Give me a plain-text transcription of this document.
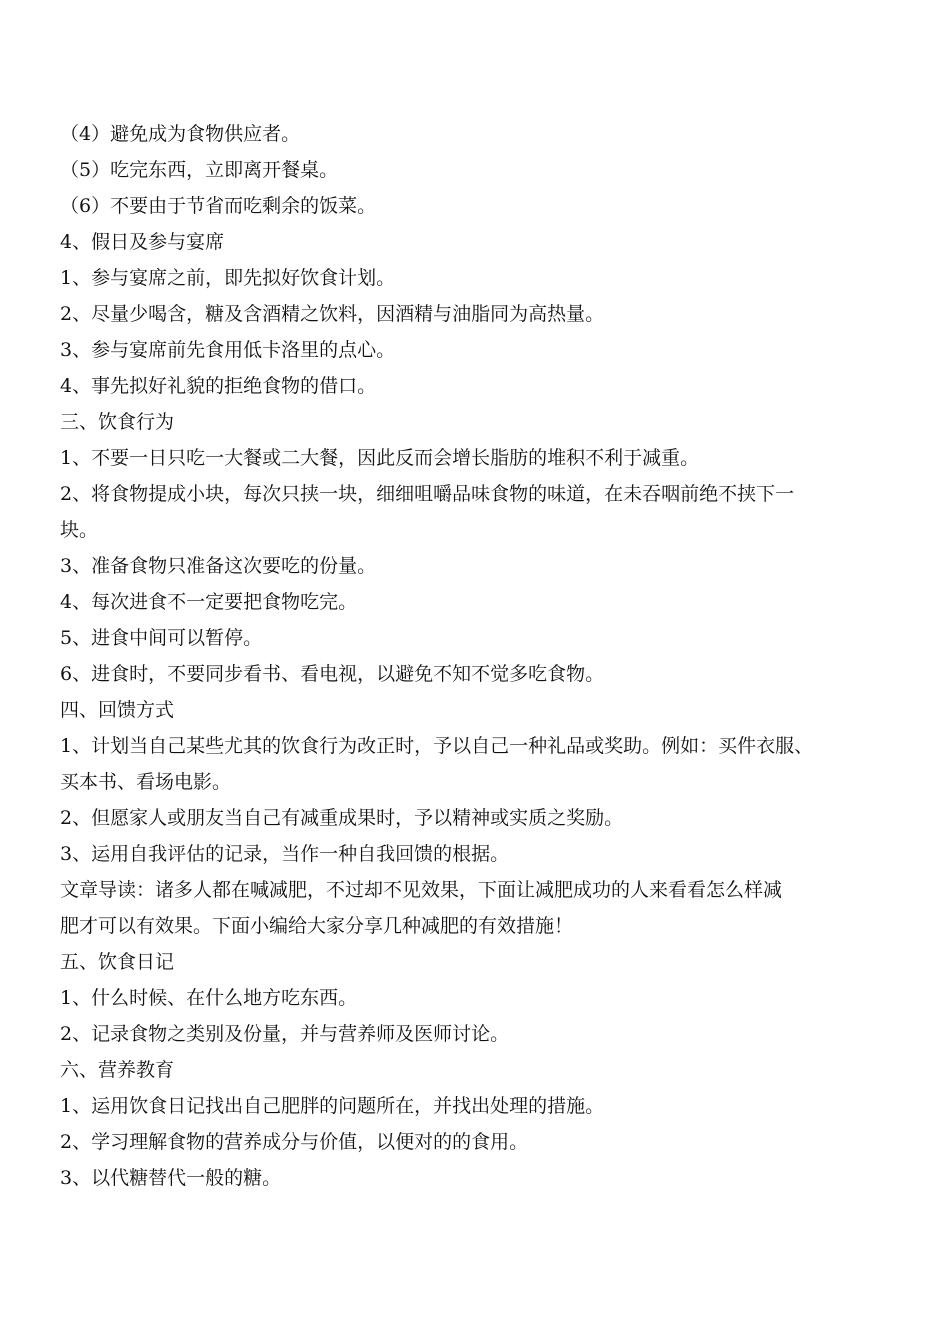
（4）避免成为食物供应者。

（5）吃完东西，立即离开餐桌。

（6）不要由于节省而吃剩余的饭菜。

4、假日及参与宴席

1、参与宴席之前，即先拟好饮食计划。

2、尽量少喝含，糖及含酒精之饮料，因酒精与油脂同为高热量。

3、参与宴席前先食用低卡洛里的点心。

4、事先拟好礼貌的拒绝食物的借口。

三、饮食行为

1、不要一日只吃一大餐或二大餐，因此反而会增长脂肪的堆积不利于减重。

2、将食物提成小块，每次只挟一块，细细咀嚼品味食物的味道，在未吞咽前绝不挟下一

块。

3、准备食物只准备这次要吃的份量。

4、每次进食不一定要把食物吃完。

5、进食中间可以暂停。

6、进食时，不要同步看书、看电视，以避免不知不觉多吃食物。

四、回馈方式

1、计划当自己某些尤其的饮食行为改正时，予以自己一种礼品或奖助。例如：买件衣服、

买本书、看场电影。

2、但愿家人或朋友当自己有减重成果时，予以精神或实质之奖励。

3、运用自我评估的记录，当作一种自我回馈的根据。

文章导读：诸多人都在喊减肥，不过却不见效果，下面让减肥成功的人来看看怎么样减

肥才可以有效果。下面小编给大家分享几种减肥的有效措施！

五、饮食日记

1、什么时候、在什么地方吃东西。

2、记录食物之类别及份量，并与营养师及医师讨论。

六、营养教育

1、运用饮食日记找出自己肥胖的问题所在，并找出处理的措施。

2、学习理解食物的营养成分与价值，以便对的的食用。

3、以代糖替代一般的糖。
